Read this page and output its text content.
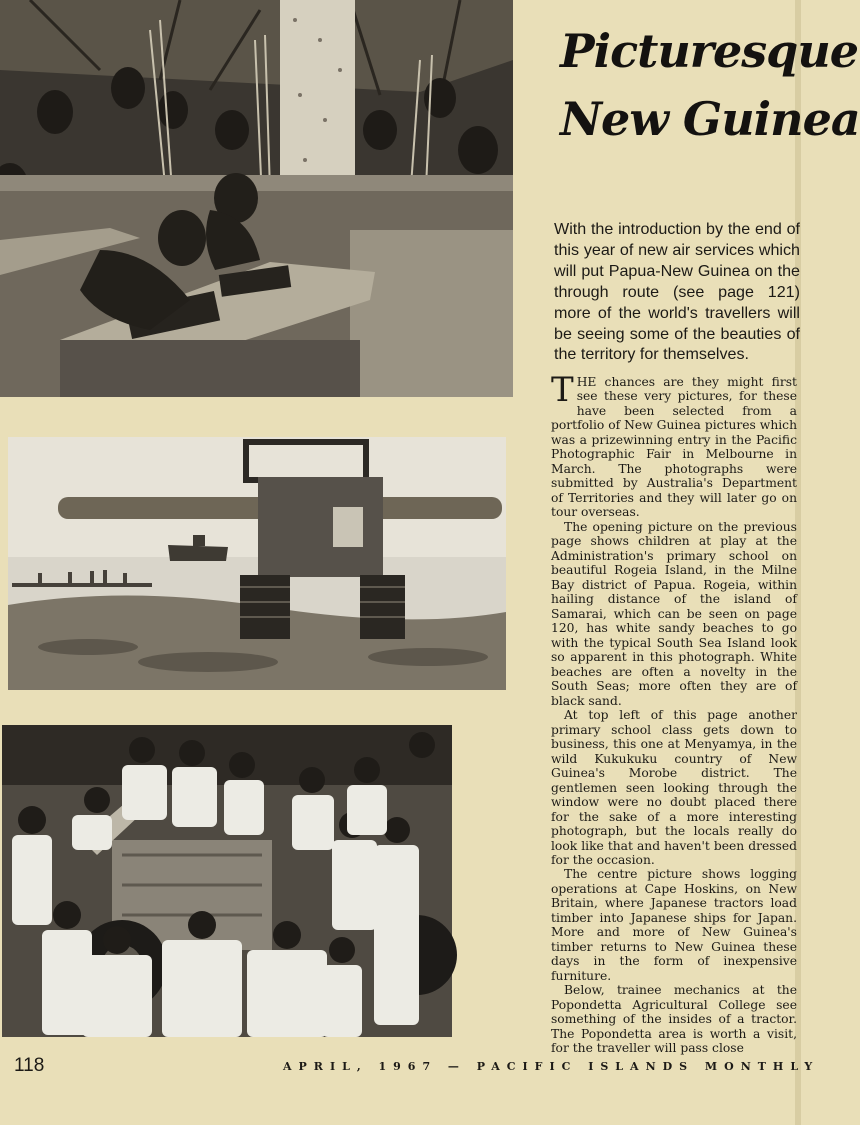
Picturesque
New Guinea

With the introduction by the end of this year of new air services which will put Papua-New Guinea on the through route (see page 121) more of the world's travellers will be seeing some of the beauties of the territory for themselves.

THE chances are they might first see these very pictures, for these have been selected from a portfolio of New Guinea pictures which was a prizewinning entry in the Pacific Photographic Fair in Melbourne in March. The photographs were submitted by Australia's Department of Territories and they will later go on tour overseas.

The opening picture on the previous page shows children at play at the Administration's primary school on beautiful Rogeia Island, in the Milne Bay district of Papua. Rogeia, within hailing distance of the island of Samarai, which can be seen on page 120, has white sandy beaches to go with the typical South Sea Island look so apparent in this photograph. White beaches are often a novelty in the South Seas; more often they are of black sand.

At top left of this page another primary school class gets down to business, this one at Menyamya, in the wild Kukukuku country of New Guinea's Morobe district. The gentlemen seen looking through the window were no doubt placed there for the sake of a more interesting photograph, but the locals really do look like that and haven't been dressed for the occasion.

The centre picture shows logging operations at Cape Hoskins, on New Britain, where Japanese tractors load timber into Japanese ships for Japan. More and more of New Guinea's timber returns to New Guinea these days in the form of inexpensive furniture.

Below, trainee mechanics at the Popondetta Agricultural College see something of the insides of a tractor. The Popondetta area is worth a visit, for the traveller will pass close

118	APRIL, 1967 — PACIFIC ISLANDS MONTHLY
